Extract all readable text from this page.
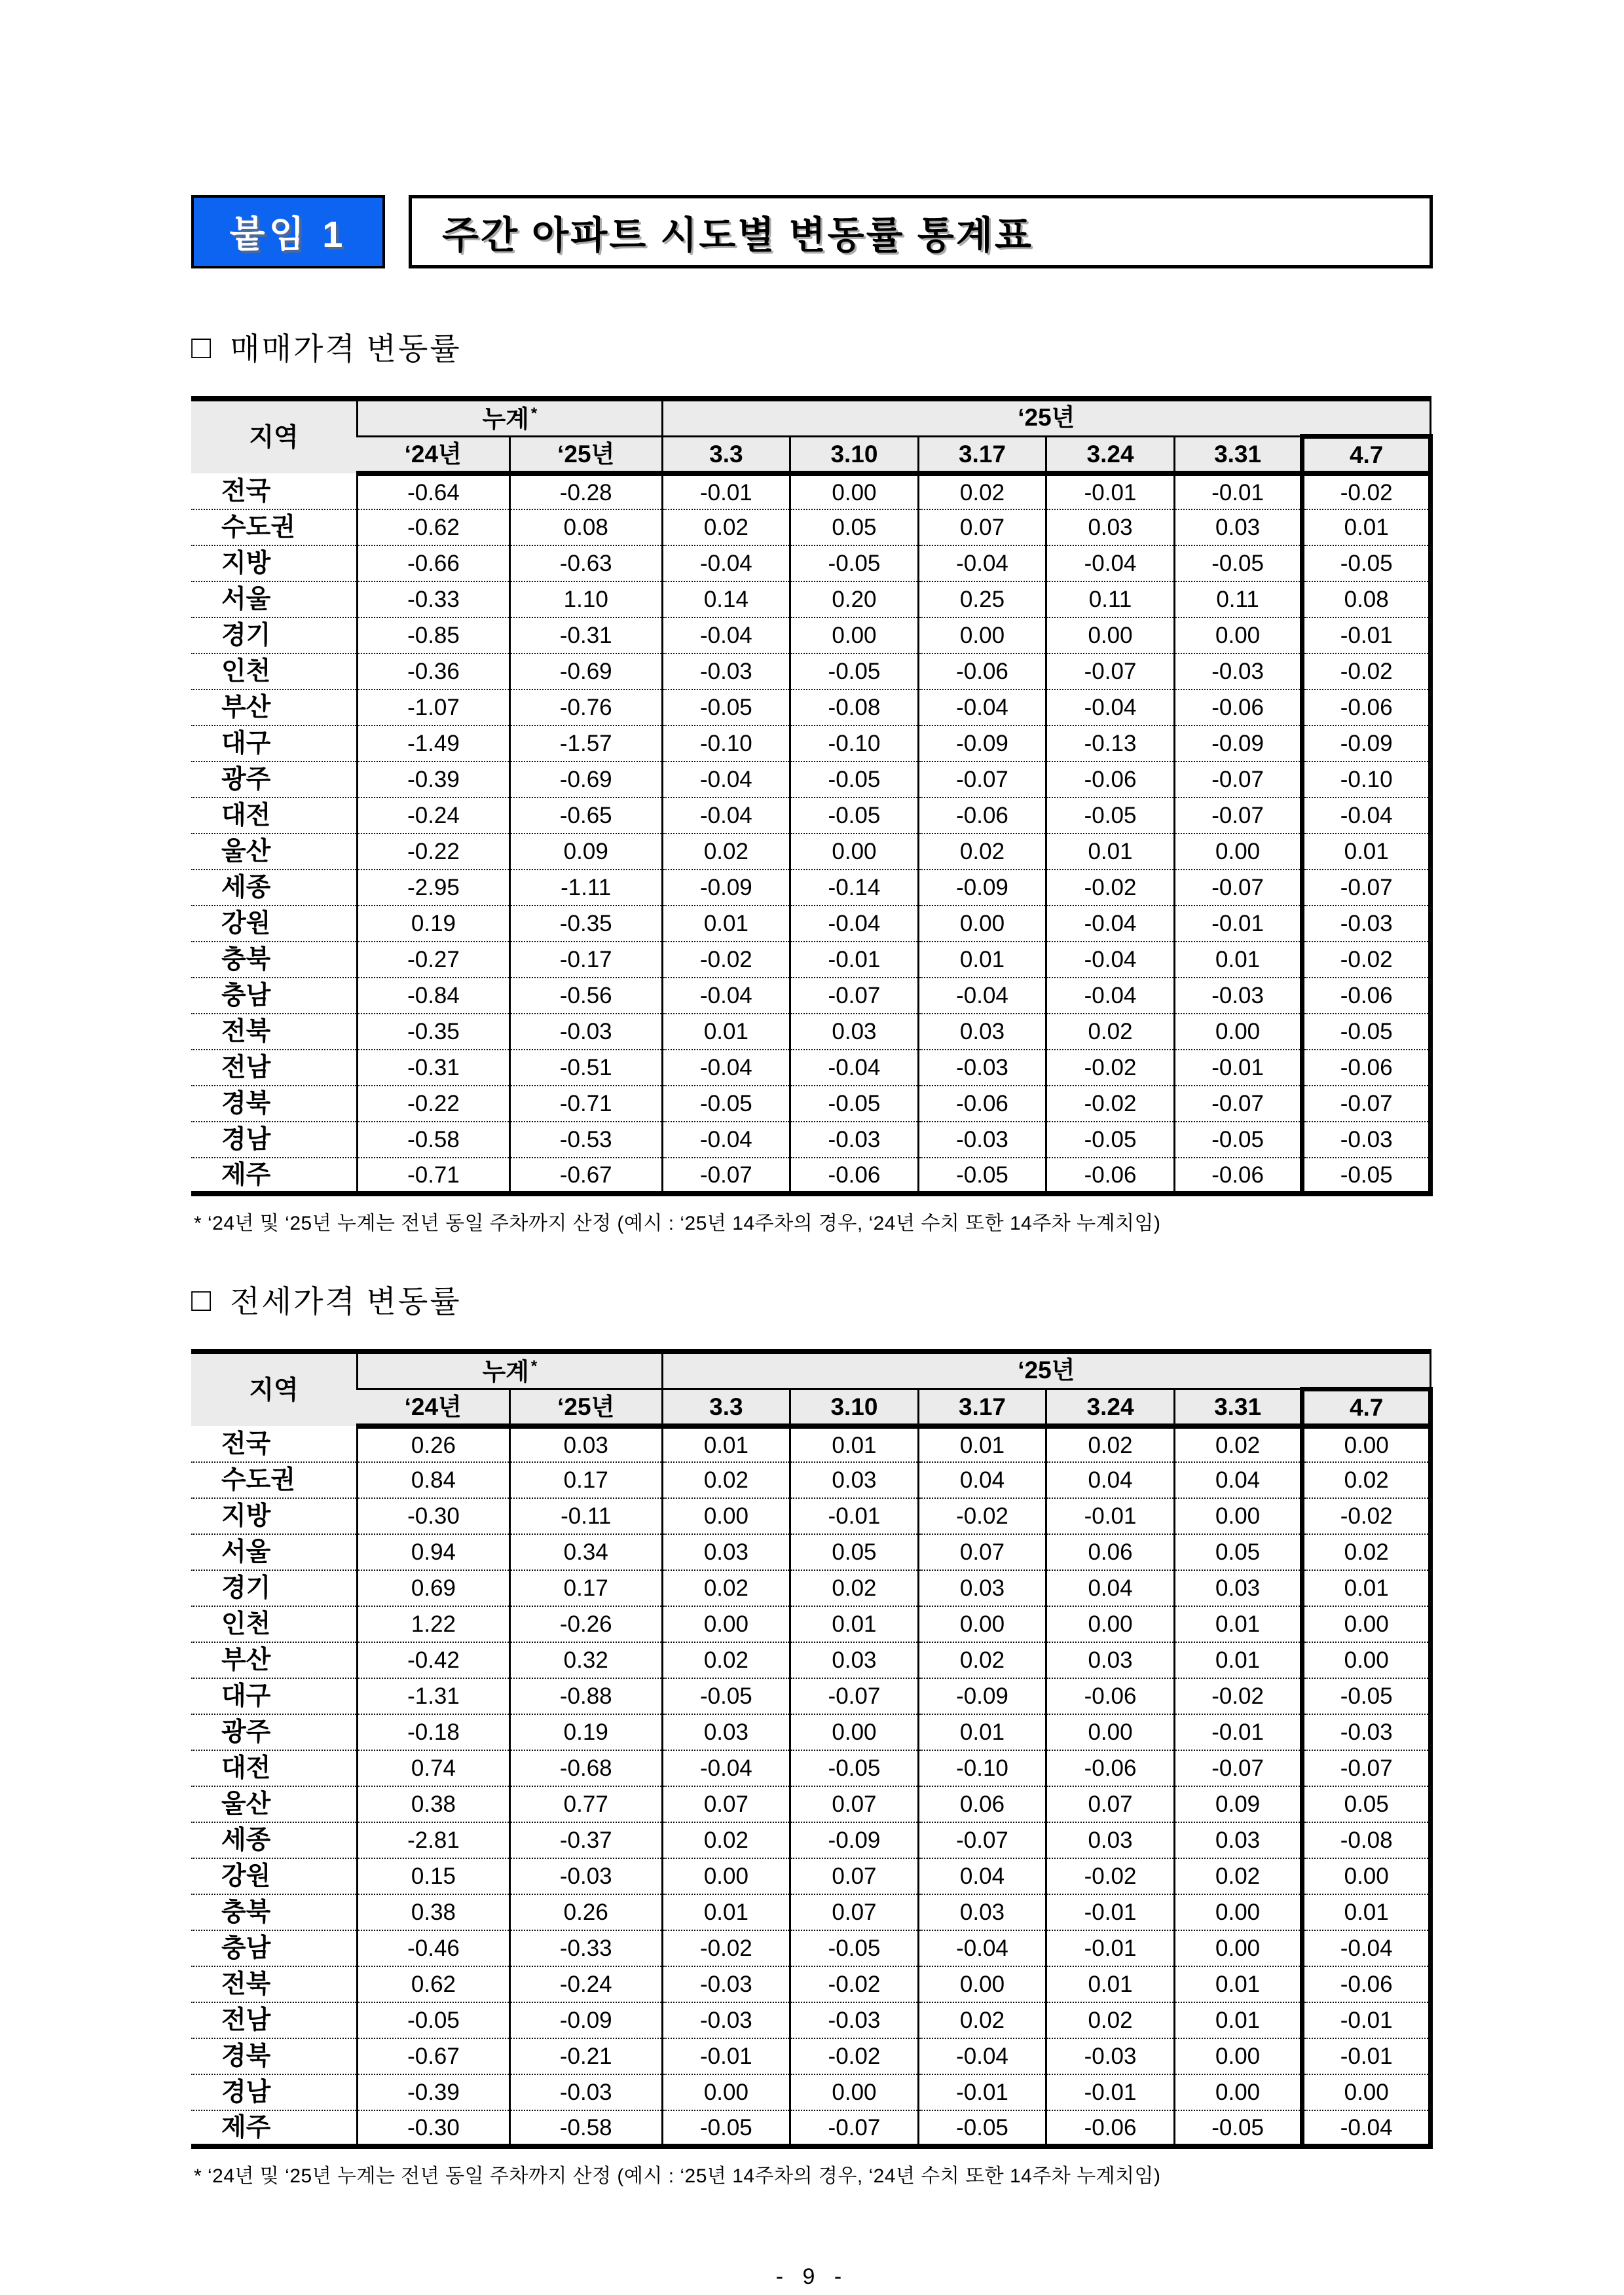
붙임 1	주간 아파트 시도별 변동률 통계표
□ 매매가격 변동률
지역	누계 *		‘25년					
	‘24년	‘25년	3.3	3.10	3.17	3.24	3.31	4.7
전국	-0.64	-0.28	-0.01	0.00	0.02	-0.01	-0.01	-0.02
수도권	-0.62	0.08	0.02	0.05	0.07	0.03	0.03	0.01
지방	-0.66	-0.63	-0.04	-0.05	-0.04	-0.04	-0.05	-0.05
서울	-0.33	1.10	0.14	0.20	0.25	0.11	0.11	0.08
경기	-0.85	-0.31	-0.04	0.00	0.00	0.00	0.00	-0.01
인천	-0.36	-0.69	-0.03	-0.05	-0.06	-0.07	-0.03	-0.02
부산	-1.07	-0.76	-0.05	-0.08	-0.04	-0.04	-0.06	-0.06
대구	-1.49	-1.57	-0.10	-0.10	-0.09	-0.13	-0.09	-0.09
광주	-0.39	-0.69	-0.04	-0.05	-0.07	-0.06	-0.07	-0.10
대전	-0.24	-0.65	-0.04	-0.05	-0.06	-0.05	-0.07	-0.04
울산	-0.22	0.09	0.02	0.00	0.02	0.01	0.00	0.01
세종	-2.95	-1.11	-0.09	-0.14	-0.09	-0.02	-0.07	-0.07
강원	0.19	-0.35	0.01	-0.04	0.00	-0.04	-0.01	-0.03
충북	-0.27	-0.17	-0.02	-0.01	0.01	-0.04	0.01	-0.02
충남	-0.84	-0.56	-0.04	-0.07	-0.04	-0.04	-0.03	-0.06
전북	-0.35	-0.03	0.01	0.03	0.03	0.02	0.00	-0.05
전남	-0.31	-0.51	-0.04	-0.04	-0.03	-0.02	-0.01	-0.06
경북	-0.22	-0.71	-0.05	-0.05	-0.06	-0.02	-0.07	-0.07
경남	-0.58	-0.53	-0.04	-0.03	-0.03	-0.05	-0.05	-0.03
제주	-0.71	-0.67	-0.07	-0.06	-0.05	-0.06	-0.06	-0.05
* ‘24년 및 ‘25년 누계는 전년 동일 주차까지 산정 (예시 : ‘25년 14주차의 경우, ‘24년 수치 또한 14주차 누계치임)
□ 전세가격 변동률
지역	누계 *		‘25년					
	‘24년	‘25년	3.3	3.10	3.17	3.24	3.31	4.7
전국	0.26	0.03	0.01	0.01	0.01	0.02	0.02	0.00
수도권	0.84	0.17	0.02	0.03	0.04	0.04	0.04	0.02
지방	-0.30	-0.11	0.00	-0.01	-0.02	-0.01	0.00	-0.02
서울	0.94	0.34	0.03	0.05	0.07	0.06	0.05	0.02
경기	0.69	0.17	0.02	0.02	0.03	0.04	0.03	0.01
인천	1.22	-0.26	0.00	0.01	0.00	0.00	0.01	0.00
부산	-0.42	0.32	0.02	0.03	0.02	0.03	0.01	0.00
대구	-1.31	-0.88	-0.05	-0.07	-0.09	-0.06	-0.02	-0.05
광주	-0.18	0.19	0.03	0.00	0.01	0.00	-0.01	-0.03
대전	0.74	-0.68	-0.04	-0.05	-0.10	-0.06	-0.07	-0.07
울산	0.38	0.77	0.07	0.07	0.06	0.07	0.09	0.05
세종	-2.81	-0.37	0.02	-0.09	-0.07	0.03	0.03	-0.08
강원	0.15	-0.03	0.00	0.07	0.04	-0.02	0.02	0.00
충북	0.38	0.26	0.01	0.07	0.03	-0.01	0.00	0.01
충남	-0.46	-0.33	-0.02	-0.05	-0.04	-0.01	0.00	-0.04
전북	0.62	-0.24	-0.03	-0.02	0.00	0.01	0.01	-0.06
전남	-0.05	-0.09	-0.03	-0.03	0.02	0.02	0.01	-0.01
경북	-0.67	-0.21	-0.01	-0.02	-0.04	-0.03	0.00	-0.01
경남	-0.39	-0.03	0.00	0.00	-0.01	-0.01	0.00	0.00
제주	-0.30	-0.58	-0.05	-0.07	-0.05	-0.06	-0.05	-0.04
* ‘24년 및 ‘25년 누계는 전년 동일 주차까지 산정 (예시 : ‘25년 14주차의 경우, ‘24년 수치 또한 14주차 누계치임)
- 9 -
